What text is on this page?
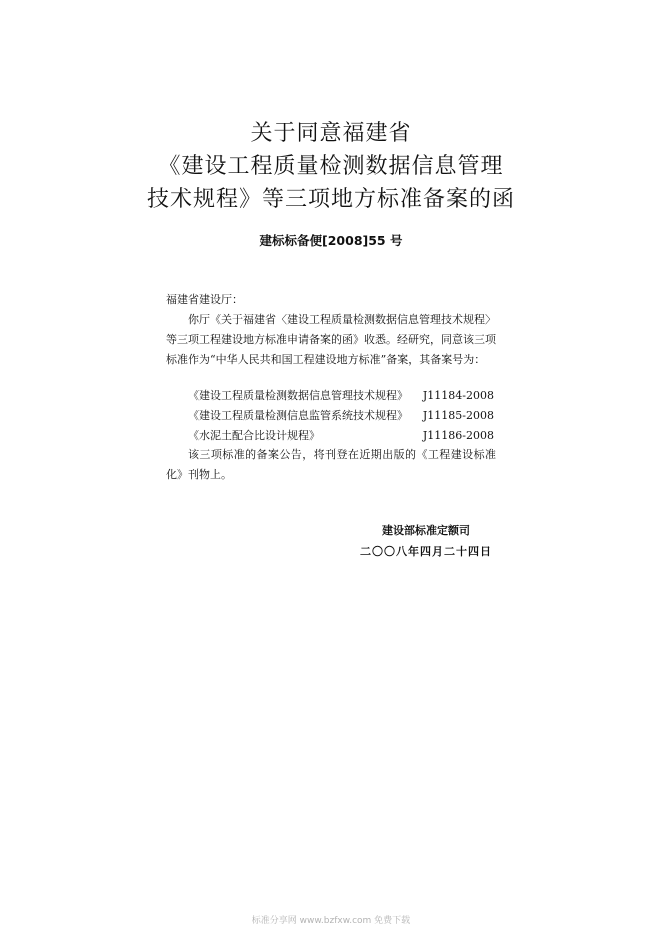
关于同意福建省
《建设工程质量检测数据信息管理
技术规程》等三项地方标准备案的函
建标标备便[2008]55 号
福建省建设厅：
你厅《关于福建省〈建设工程质量检测数据信息管理技术规程〉等三项工程建设地方标准申请备案的函》收悉。经研究，同意该三项标准作为“中华人民共和国工程建设地方标准”备案，其备案号为：
《建设工程质量检测数据信息管理技术规程》 J11184-2008
《建设工程质量检测信息监管系统技术规程》 J11185-2008
《水泥土配合比设计规程》	J11186-2008
该三项标准的备案公告，将刊登在近期出版的《工程建设标准化》刊物上。
建设部标准定额司
二〇〇八年四月二十四日
标准分享网 www.bzfxw.com 免费下载
